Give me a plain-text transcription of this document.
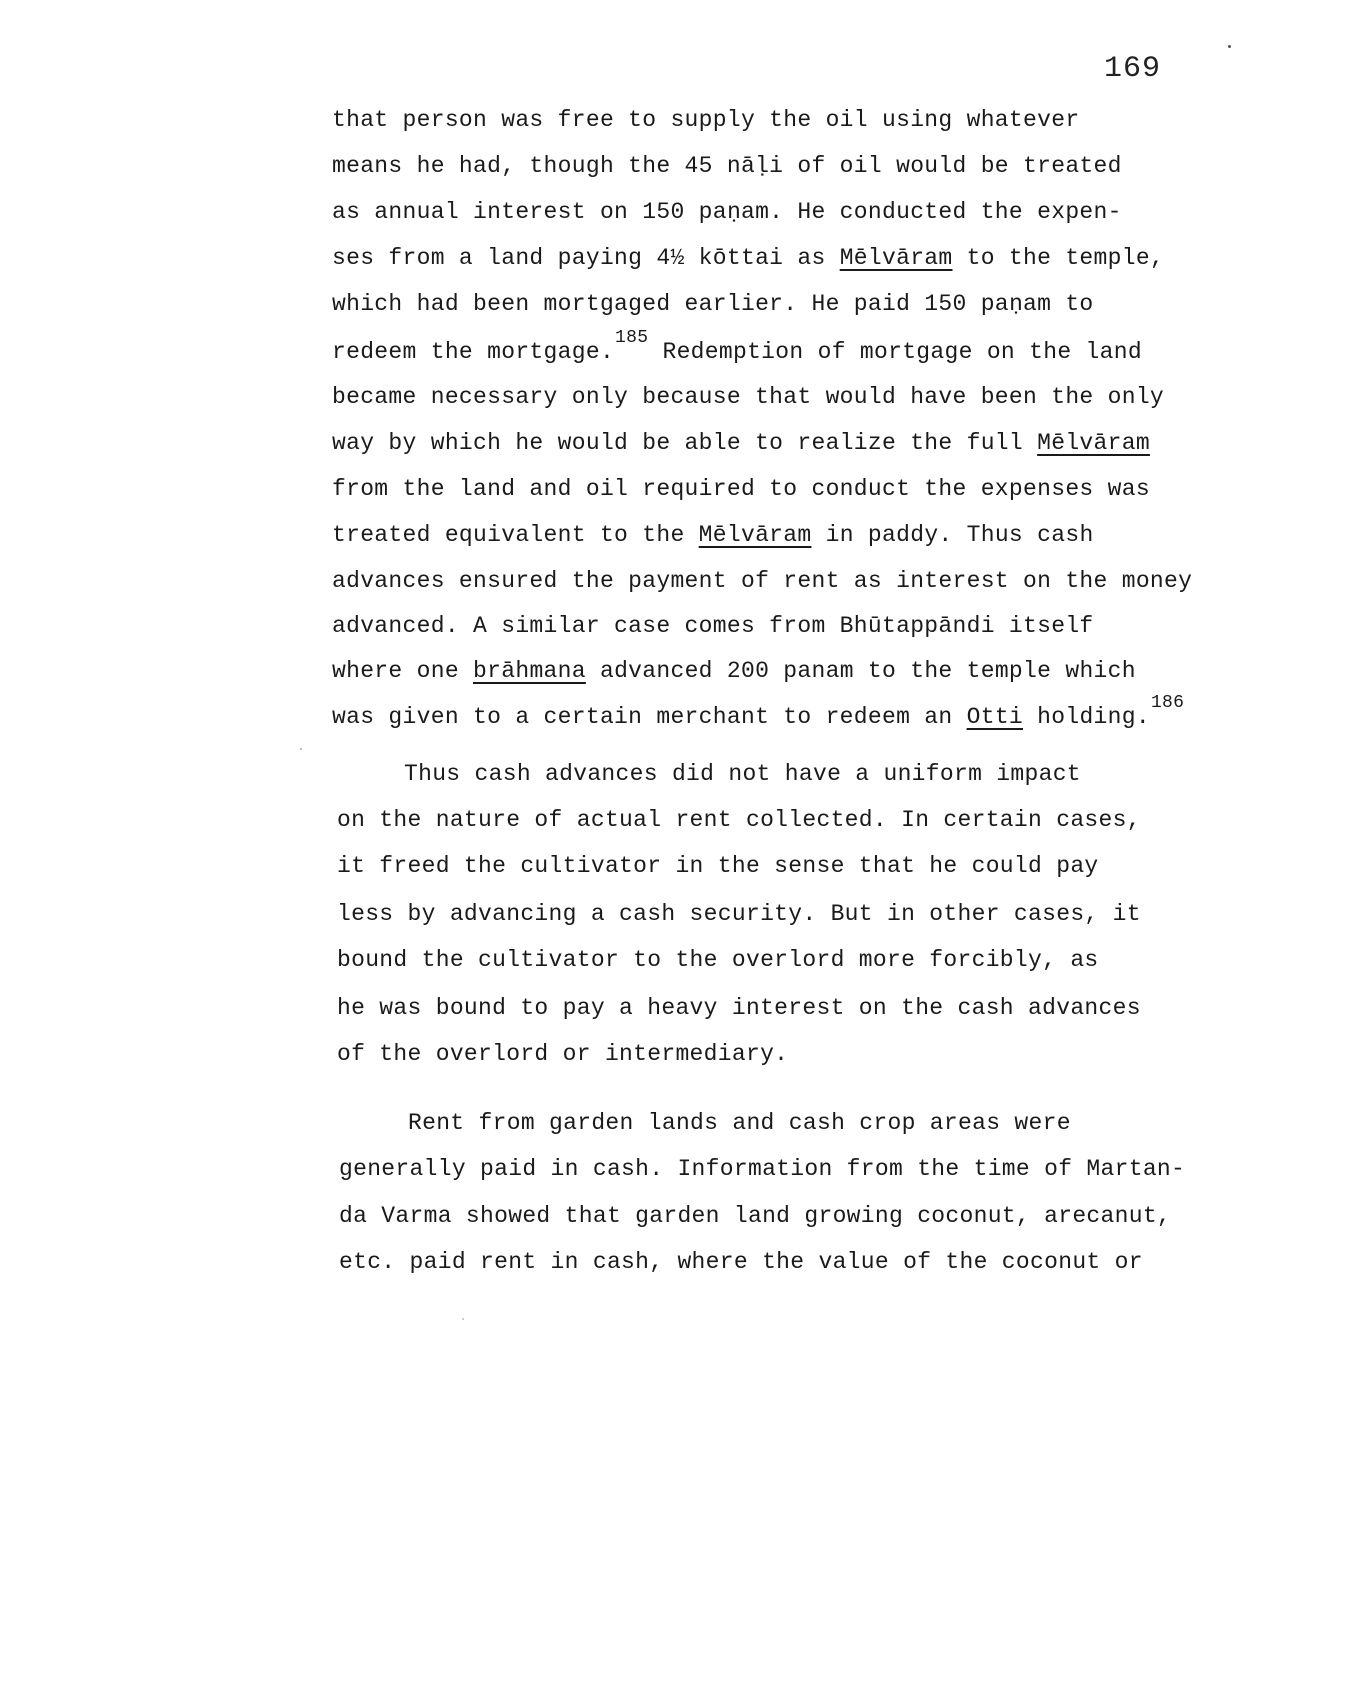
169
that person was free to supply the oil using whatever
means he had, though the 45 nāḷi of oil would be treated
as annual interest on 150 paṇam. He conducted the expen-
ses from a land paying 4½ kōttai as Mēlvāram to the temple,
which had been mortgaged earlier. He paid 150 paṇam to
redeem the mortgage.$^{185}$ Redemption of mortgage on the land
became necessary only because that would have been the only
way by which he would be able to realize the full Mēlvāram
from the land and oil required to conduct the expenses was
treated equivalent to the Mēlvāram in paddy. Thus cash
advances ensured the payment of rent as interest on the money
advanced. A similar case comes from Bhūtappāndi itself
where one brāhmana advanced 200 panam to the temple which
was given to a certain merchant to redeem an Otti holding.$^{186}$
Thus cash advances did not have a uniform impact
on the nature of actual rent collected. In certain cases,
it freed the cultivator in the sense that he could pay
less by advancing a cash security. But in other cases, it
bound the cultivator to the overlord more forcibly, as
he was bound to pay a heavy interest on the cash advances
of the overlord or intermediary.
Rent from garden lands and cash crop areas were
generally paid in cash. Information from the time of Martan-
da Varma showed that garden land growing coconut, arecanut,
etc. paid rent in cash, where the value of the coconut or
